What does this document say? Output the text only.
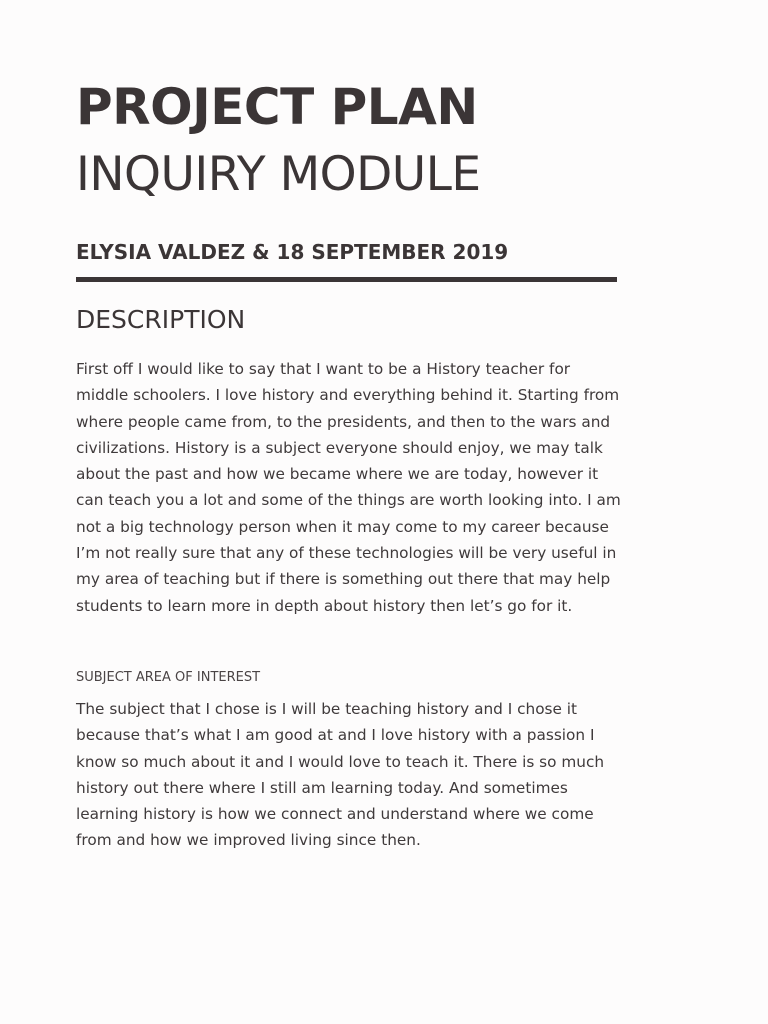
PROJECT PLAN
INQUIRY MODULE
ELYSIA VALDEZ & 18 SEPTEMBER 2019
DESCRIPTION

First off I would like to say that I want to be a History teacher for middle schoolers. I love history and everything behind it. Starting from where people came from, to the presidents, and then to the wars and civilizations. History is a subject everyone should enjoy, we may talk about the past and how we became where we are today, however it can teach you a lot and some of the things are worth looking into. I am not a big technology person when it may come to my career because I’m not really sure that any of these technologies will be very useful in my area of teaching but if there is something out there that may help students to learn more in depth about history then let’s go for it.

SUBJECT AREA OF INTEREST

The subject that I chose is I will be teaching history and I chose it because that’s what I am good at and I love history with a passion I know so much about it and I would love to teach it. There is so much history out there where I still am learning today. And sometimes learning history is how we connect and understand where we come from and how we improved living since then.
